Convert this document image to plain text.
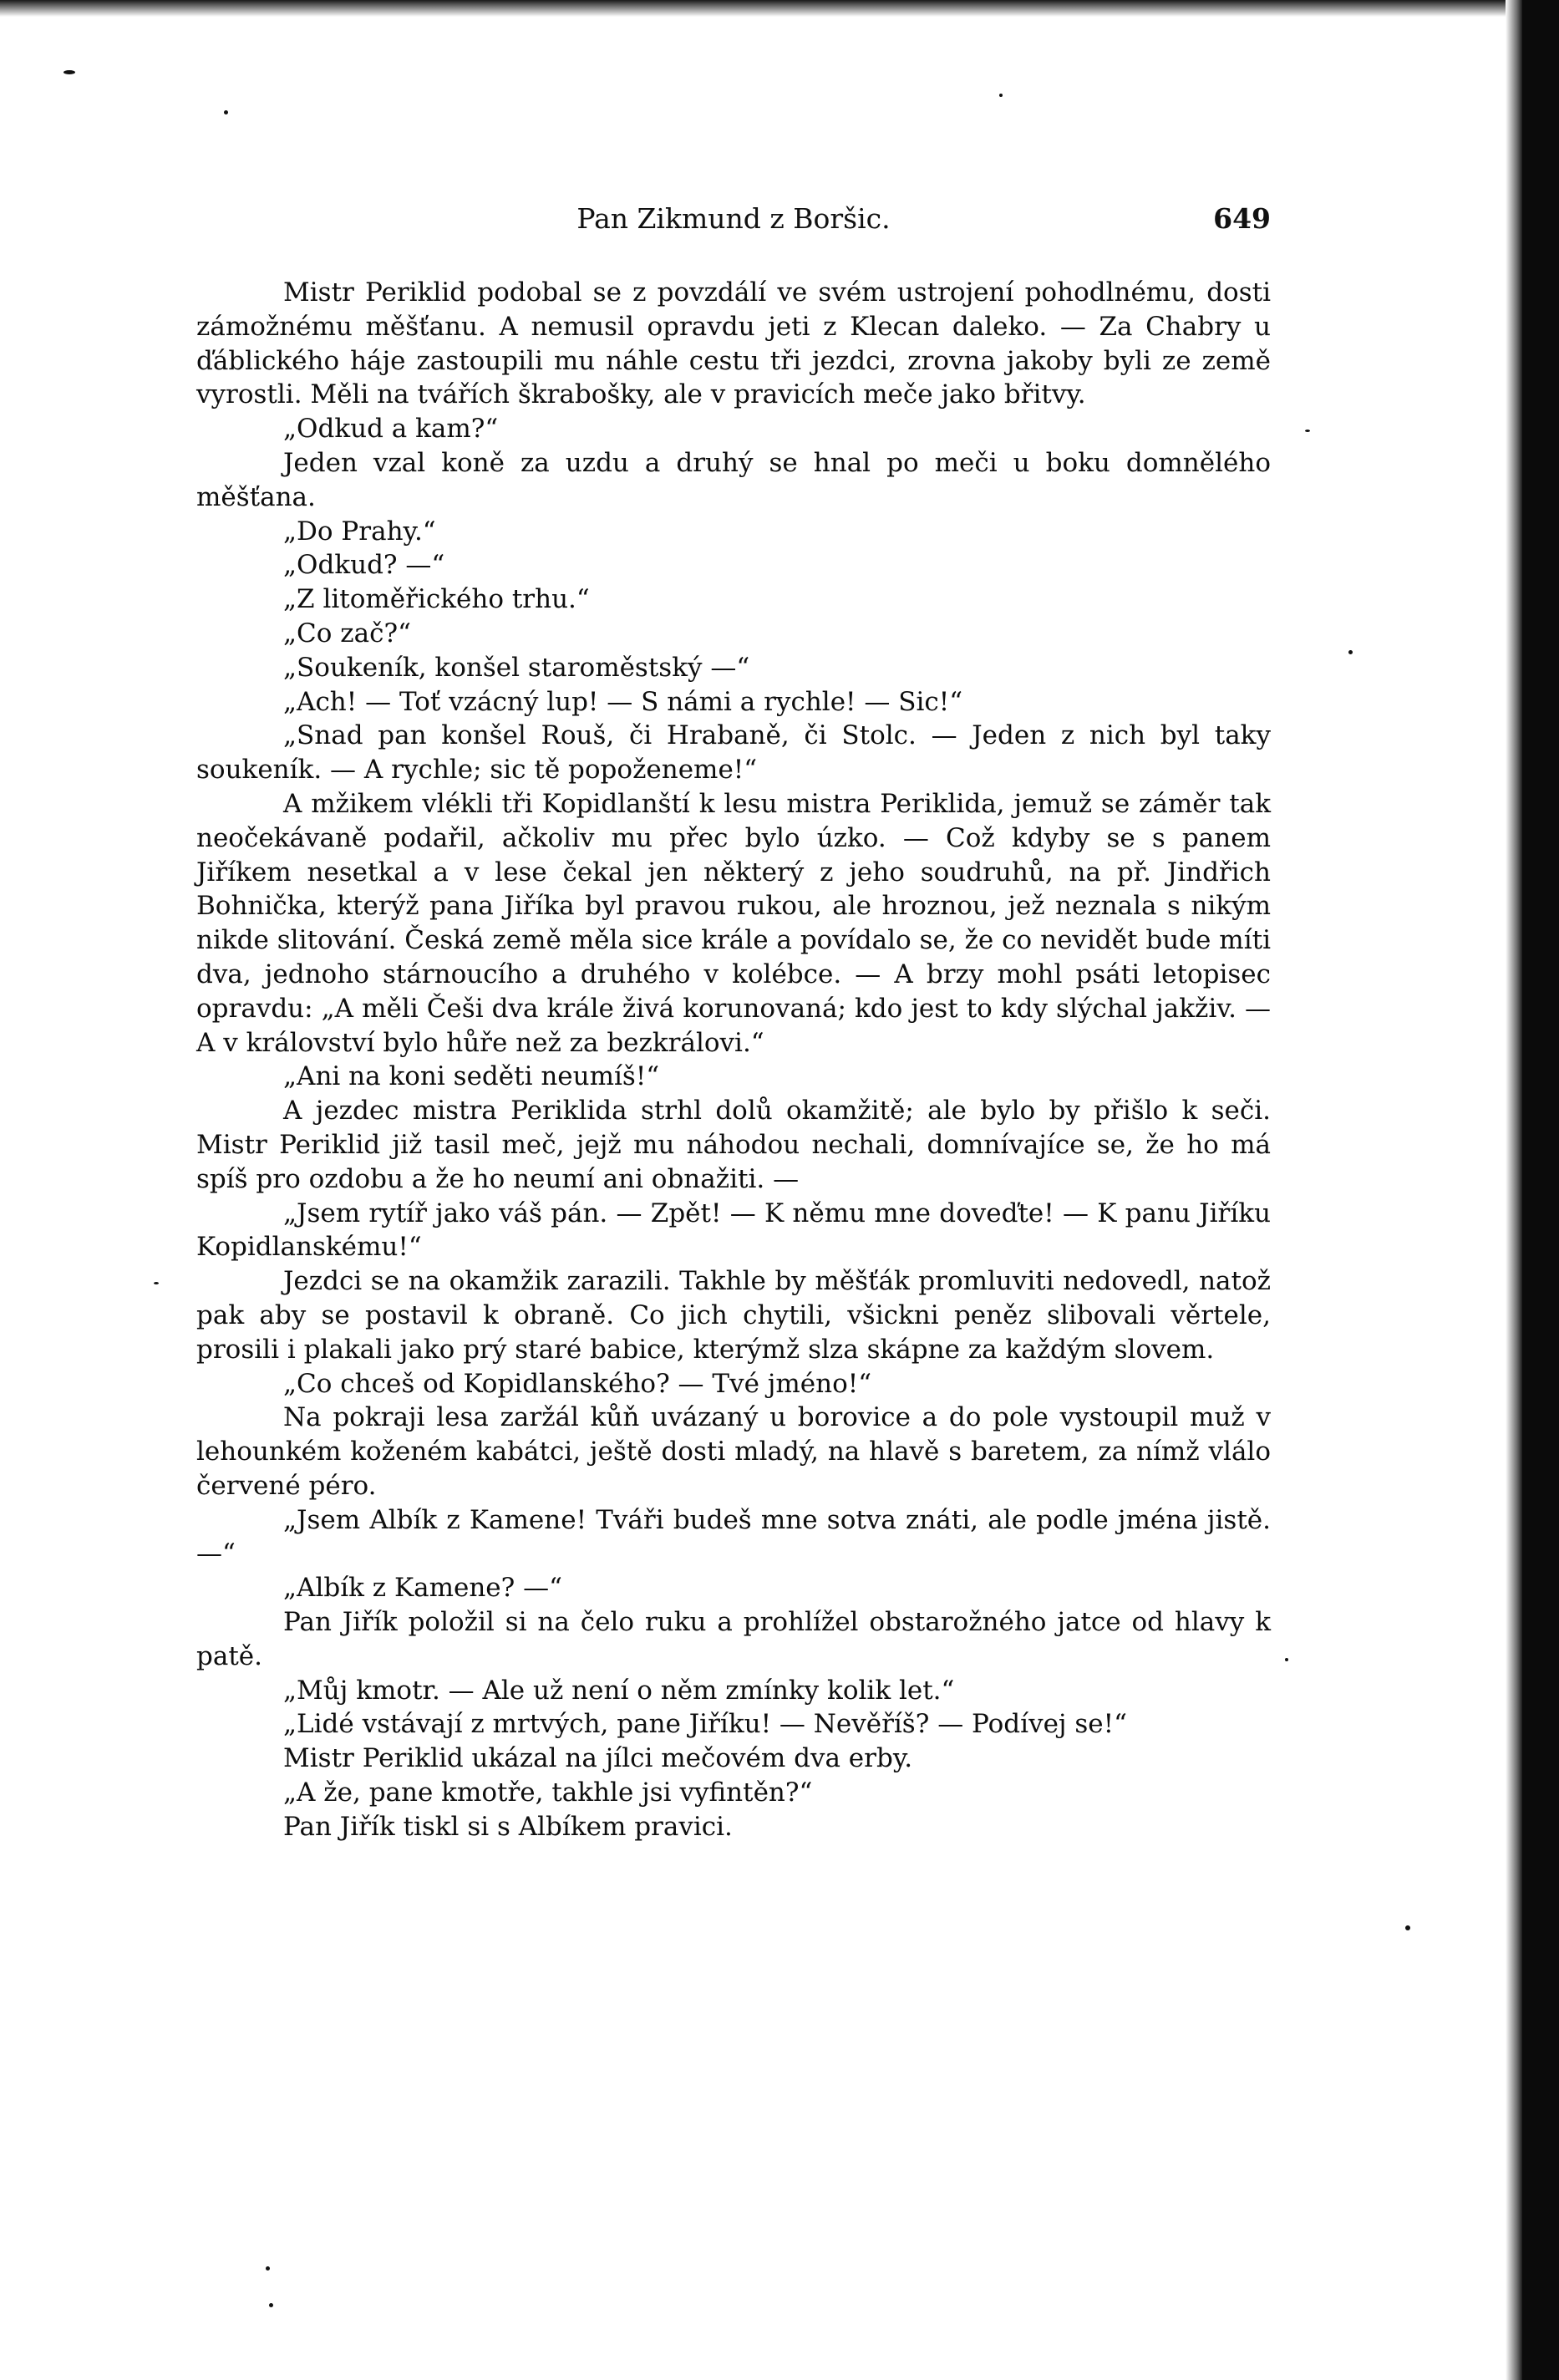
Pan Zikmund z Boršic.	649

Mistr Periklid podobal se z povzdálí ve svém ustrojení pohodlnému, dosti zámožnému měšťanu. A nemusil opravdu jeti z Klecan daleko. — Za Chabry u ďáblického háje zastoupili mu náhle cestu tři jezdci, zrovna jakoby byli ze země vyrostli. Měli na tvářích škrabošky, ale v pravicích meče jako břitvy.

„Odkud a kam?“

Jeden vzal koně za uzdu a druhý se hnal po meči u boku domnělého měšťana.

„Do Prahy.“

„Odkud? —“

„Z litoměřického trhu.“

„Co zač?“

„Soukeník, konšel staroměstský —“

„Ach! — Toť vzácný lup! — S námi a rychle! — Sic!“

„Snad pan konšel Rouš, či Hrabaně, či Stolc. — Jeden z nich byl taky soukeník. — A rychle; sic tě popoženeme!“

A mžikem vlékli tři Kopidlanští k lesu mistra Periklida, jemuž se záměr tak neočekávaně podařil, ačkoliv mu přec bylo úzko. — Což kdyby se s panem Jiříkem nesetkal a v lese čekal jen některý z jeho soudruhů, na př. Jindřich Bohnička, kterýž pana Jiříka byl pravou rukou, ale hroznou, jež neznala s nikým nikde slitování. Česká země měla sice krále a povídalo se, že co nevidět bude míti dva, jednoho stárnoucího a druhého v kolébce. — A brzy mohl psáti letopisec opravdu: „A měli Češi dva krále živá korunovaná; kdo jest to kdy slýchal jakživ. — A v království bylo hůře než za bezkrálovi.“

„Ani na koni seděti neumíš!“

A jezdec mistra Periklida strhl dolů okamžitě; ale bylo by přišlo k seči. Mistr Periklid již tasil meč, jejž mu náhodou nechali, domnívajíce se, že ho má spíš pro ozdobu a že ho neumí ani obnažiti. —

„Jsem rytíř jako váš pán. — Zpět! — K němu mne doveďte! — K panu Jiříku Kopidlanskému!“

Jezdci se na okamžik zarazili. Takhle by měšťák promluviti nedovedl, natož pak aby se postavil k obraně. Co jich chytili, všickni peněz slibovali věrtele, prosili i plakali jako prý staré babice, kterýmž slza skápne za každým slovem.

„Co chceš od Kopidlanského? — Tvé jméno!“

Na pokraji lesa zaržál kůň uvázaný u borovice a do pole vystoupil muž v lehounkém koženém kabátci, ještě dosti mladý, na hlavě s baretem, za nímž vlálo červené péro.

„Jsem Albík z Kamene! Tváři budeš mne sotva znáti, ale podle jména jistě. —“

„Albík z Kamene? —“

Pan Jiřík položil si na čelo ruku a prohlížel obstarožného jatce od hlavy k patě.

„Můj kmotr. — Ale už není o něm zmínky kolik let.“

„Lidé vstávají z mrtvých, pane Jiříku! — Nevěříš? — Podívej se!“

Mistr Periklid ukázal na jílci mečovém dva erby.

„A že, pane kmotře, takhle jsi vyfintěn?“

Pan Jiřík tiskl si s Albíkem pravici.
